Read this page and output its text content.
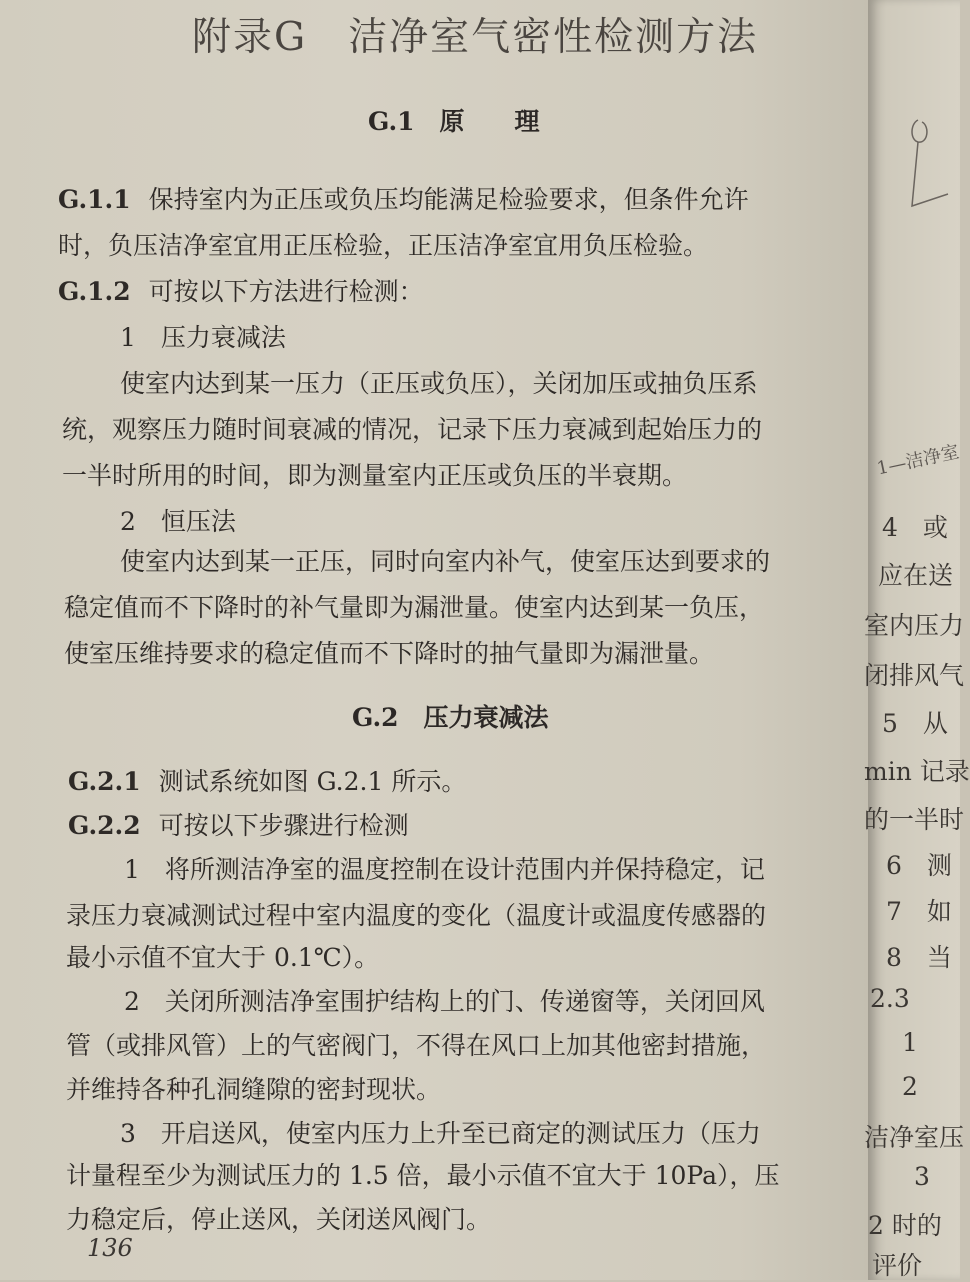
附录G　洁净室气密性检测方法
G.1　原　　理
G.1.1 保持室内为正压或负压均能满足检验要求，但条件允许
时，负压洁净室宜用正压检验，正压洁净室宜用负压检验。
G.1.2 可按以下方法进行检测：
1　压力衰减法
使室内达到某一压力（正压或负压），关闭加压或抽负压系
统，观察压力随时间衰减的情况，记录下压力衰减到起始压力的
一半时所用的时间，即为测量室内正压或负压的半衰期。
2　恒压法
使室内达到某一正压，同时向室内补气，使室压达到要求的
稳定值而不下降时的补气量即为漏泄量。使室内达到某一负压，
使室压维持要求的稳定值而不下降时的抽气量即为漏泄量。
G.2　压力衰减法
G.2.1 测试系统如图 G.2.1 所示。
G.2.2 可按以下步骤进行检测
1　将所测洁净室的温度控制在设计范围内并保持稳定，记
录压力衰减测试过程中室内温度的变化（温度计或温度传感器的
最小示值不宜大于 0.1℃）。
2　关闭所测洁净室围护结构上的门、传递窗等，关闭回风
管（或排风管）上的气密阀门，不得在风口上加其他密封措施，
并维持各种孔洞缝隙的密封现状。
3　开启送风，使室内压力上升至已商定的测试压力（压力
计量程至少为测试压力的 1.5 倍，最小示值不宜大于 10Pa），压
力稳定后，停止送风，关闭送风阀门。
136
1—洁净室
4　或
应在送
室内压力
闭排风气
5　从
min 记录
的一半时
6　测
7　如
8　当
2.3
1
2
洁净室压
3
2 时的
评价
